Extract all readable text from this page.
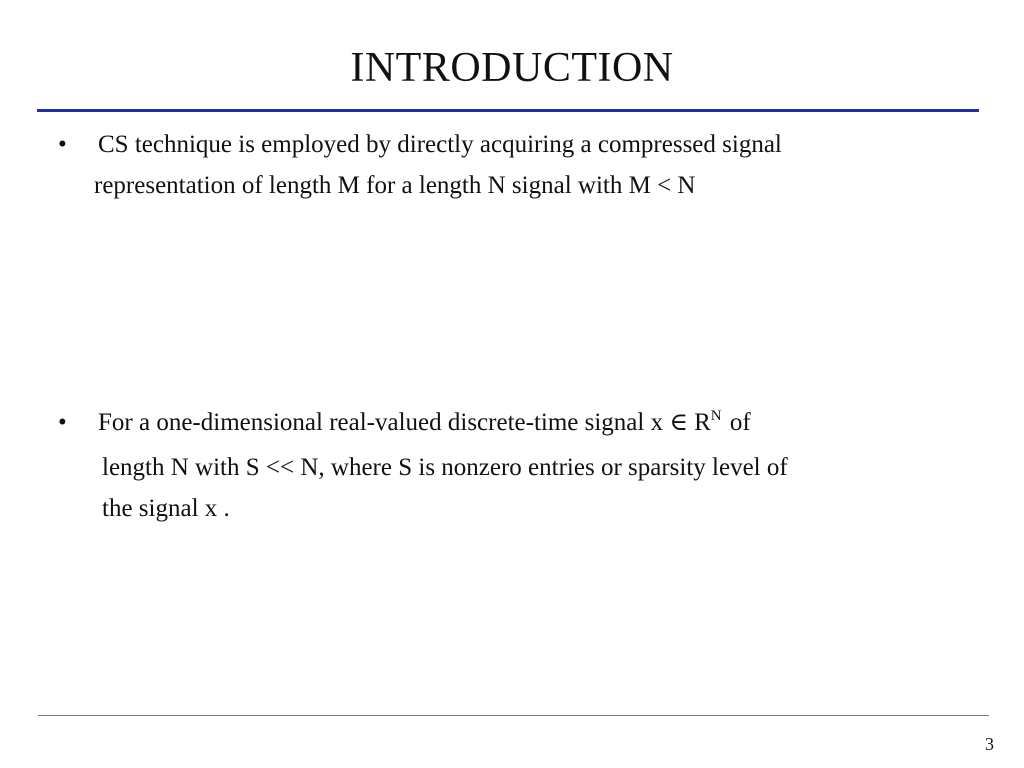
INTRODUCTION
•	CS technique is employed by directly acquiring a compressed signal
representation of length M for a length N signal with M < N
•	For a one-dimensional real-valued discrete-time signal x ∈ $R^N$ of
length N with S << N, where S is nonzero entries or sparsity level of
the signal x .
3
